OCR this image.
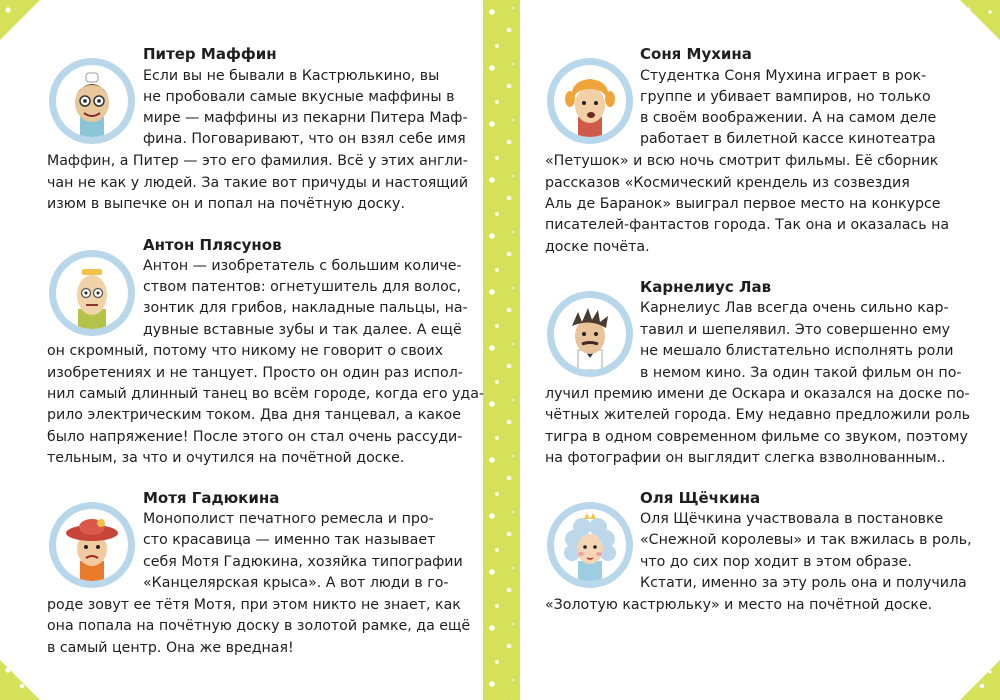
Питер Маффин
Если вы не бывали в Кастрюлькино, вы
не пробовали самые вкусные маффины в
мире — маффины из пекарни Питера Маф-
фина. Поговаривают, что он взял себе имя
Маффин, а Питер — это его фамилия. Всё у этих англи-
чан не как у людей. За такие вот причуды и настоящий
изюм в выпечке он и попал на почётную доску.
Антон Плясунов
Антон — изобретатель с большим количе-
ством патентов: огнетушитель для волос,
зонтик для грибов, накладные пальцы, на-
дувные вставные зубы и так далее. А ещё
он скромный, потому что никому не говорит о своих
изобретениях и не танцует. Просто он один раз испол-
нил самый длинный танец во всём городе, когда его уда-
рило электрическим током. Два дня танцевал, а какое
было напряжение! После этого он стал очень рассуди-
тельным, за что и очутился на почётной доске.
Мотя Гадюкина
Монополист печатного ремесла и про-
сто красавица — именно так называет
себя Мотя Гадюкина, хозяйка типографии
«Канцелярская крыса». А вот люди в го-
роде зовут ее тётя Мотя, при этом никто не знает, как
она попала на почётную доску в золотой рамке, да ещё
в самый центр. Она же вредная!
Соня Мухина
Студентка Соня Мухина играет в рок-
группе и убивает вампиров, но только
в своём воображении. А на самом деле
работает в билетной кассе кинотеатра
«Петушок» и всю ночь смотрит фильмы. Её сборник
рассказов «Космический крендель из созвездия
Аль де Баранок» выиграл первое место на конкурсе
писателей-фантастов города. Так она и оказалась на
доске почёта.
Карнелиус Лав
Карнелиус Лав всегда очень сильно кар-
тавил и шепелявил. Это совершенно ему
не мешало блистательно исполнять роли
в немом кино. За один такой фильм он по-
лучил премию имени де Оскара и оказался на доске по-
чётных жителей города. Ему недавно предложили роль
тигра в одном современном фильме со звуком, поэтому
на фотографии он выглядит слегка взволнованным..
Оля Щёчкина
Оля Щёчкина участвовала в постановке
«Снежной королевы» и так вжилась в роль,
что до сих пор ходит в этом образе.
Кстати, именно за эту роль она и получила
«Золотую кастрюльку» и место на почётной доске.
